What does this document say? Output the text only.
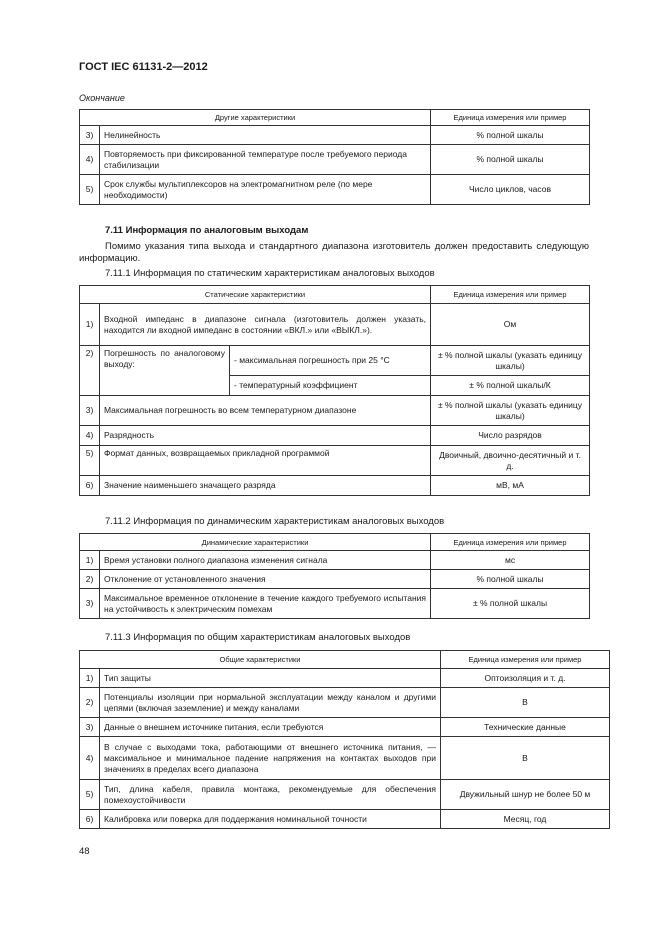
ГОСТ IEC 61131-2—2012
Окончание
Другие характеристики		Единица измерения или пример
3)	Нелинейность	% полной шкалы
4)	Повторяемость при фиксированной температуре после требуемого периода стабилизации	% полной шкалы
5)	Срок службы мультиплексоров на электромагнитном реле (по мере необходимости)	Число циклов, часов
7.11 Информация по аналоговым выходам
Помимо указания типа выхода и стандартного диапазона изготовитель должен предоставить следующую информацию.
7.11.1 Информация по статическим характеристикам аналоговых выходов
Статические характеристики			Единица измерения или пример
1)	Входной импеданс в диапазоне сигнала (изготовитель должен указать, находится ли входной импеданс в состоянии «ВКЛ.» или «ВЫКЛ.»).		Ом
2)	Погрешность по аналоговому выходу:	- максимальная погрешность при 25 °С	± % полной шкалы (указать единицу шкалы)
		- температурный коэффициент	± % полной шкалы/К
3)	Максимальная погрешность во всем температурном диапазоне		± % полной шкалы (указать единицу шкалы)
4)	Разрядность		Число разрядов
5)	Формат данных, возвращаемых прикладной программой		Двоичный, двоично-десятичный и т. д.
6)	Значение наименьшего значащего разряда		мВ, мА
7.11.2 Информация по динамическим характеристикам аналоговых выходов
Динамические характеристики		Единица измерения или пример
1)	Время установки полного диапазона изменения сигнала	мс
2)	Отклонение от установленного значения	% полной шкалы
3)	Максимальное временное отклонение в течение каждого требуемого испытания на устойчивость к электрическим помехам	± % полной шкалы
7.11.3 Информация по общим характеристикам аналоговых выходов
Общие характеристики		Единица измерения или пример
1)	Тип защиты	Оптоизоляция и т. д.
2)	Потенциалы изоляции при нормальной эксплуатации между каналом и другими цепями (включая заземление) и между каналами	В
3)	Данные о внешнем источнике питания, если требуются	Технические данные
4)	В случае с выходами тока, работающими от внешнего источника питания, — максимальное и минимальное падение напряжения на контактах выходов при значениях в пределах всего диапазона	В
5)	Тип, длина кабеля, правила монтажа, рекомендуемые для обеспечения помехоустойчивости	Двужильный шнур не более 50 м
6)	Калибровка или поверка для поддержания номинальной точности	Месяц, год
48
